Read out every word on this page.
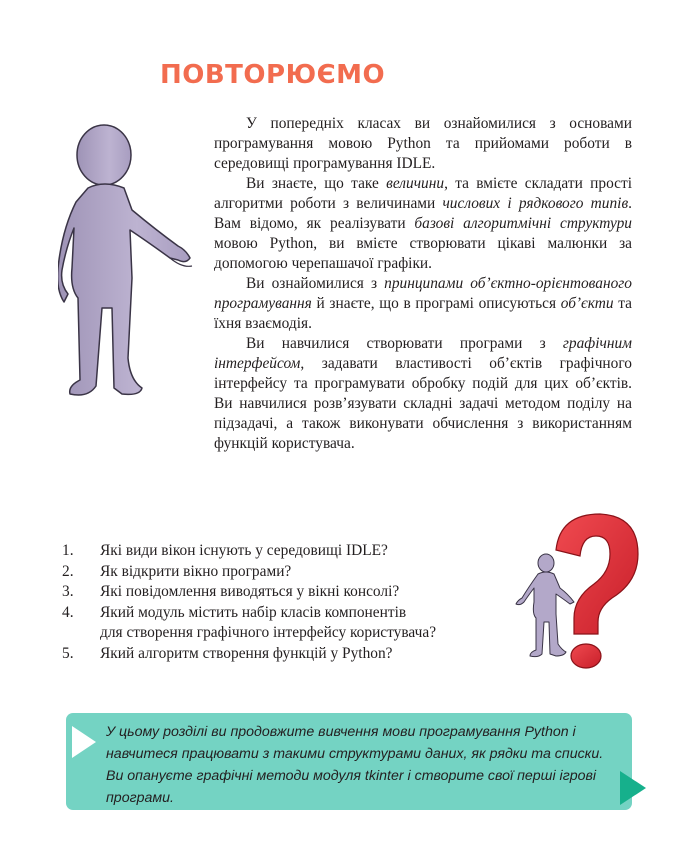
ПОВТОРЮЄМО

У попередніх класах ви ознайомилися з основами програмування мовою Python та прийомами роботи в середовищі програмування IDLE.

Ви знаєте, що таке величини, та вмієте складати прості алгоритми роботи з величинами числових і рядкового типів. Вам відомо, як реалізувати базові алгоритмічні структури мовою Python, ви вмієте створювати цікаві малюнки за допомогою черепашачої графіки.

Ви ознайомилися з принципами об’єктно-орієнтованого програмування й знаєте, що в програмі описуються об’єкти та їхня взаємодія.

Ви навчилися створювати програми з графічним інтерфейсом, задавати властивості об’єктів графічного інтерфейсу та програмувати обробку подій для цих об’єктів. Ви навчилися розв’язувати складні задачі методом поділу на підзадачі, а також виконувати обчислення з використанням функцій користувача.

1. Які види вікон існують у середовищі IDLE?
2. Як відкрити вікно програми?
3. Які повідомлення виводяться у вікні консолі?
4. Який модуль містить набір класів компонентів
для створення графічного інтерфейсу користувача?
5. Який алгоритм створення функцій у Python?
У цьому розділі ви продовжите вивчення мови програмування Python і навчитеся працювати з такими структурами даних, як рядки та списки. Ви опануєте графічні методи модуля tkinter і створите свої перші ігрові програми.
